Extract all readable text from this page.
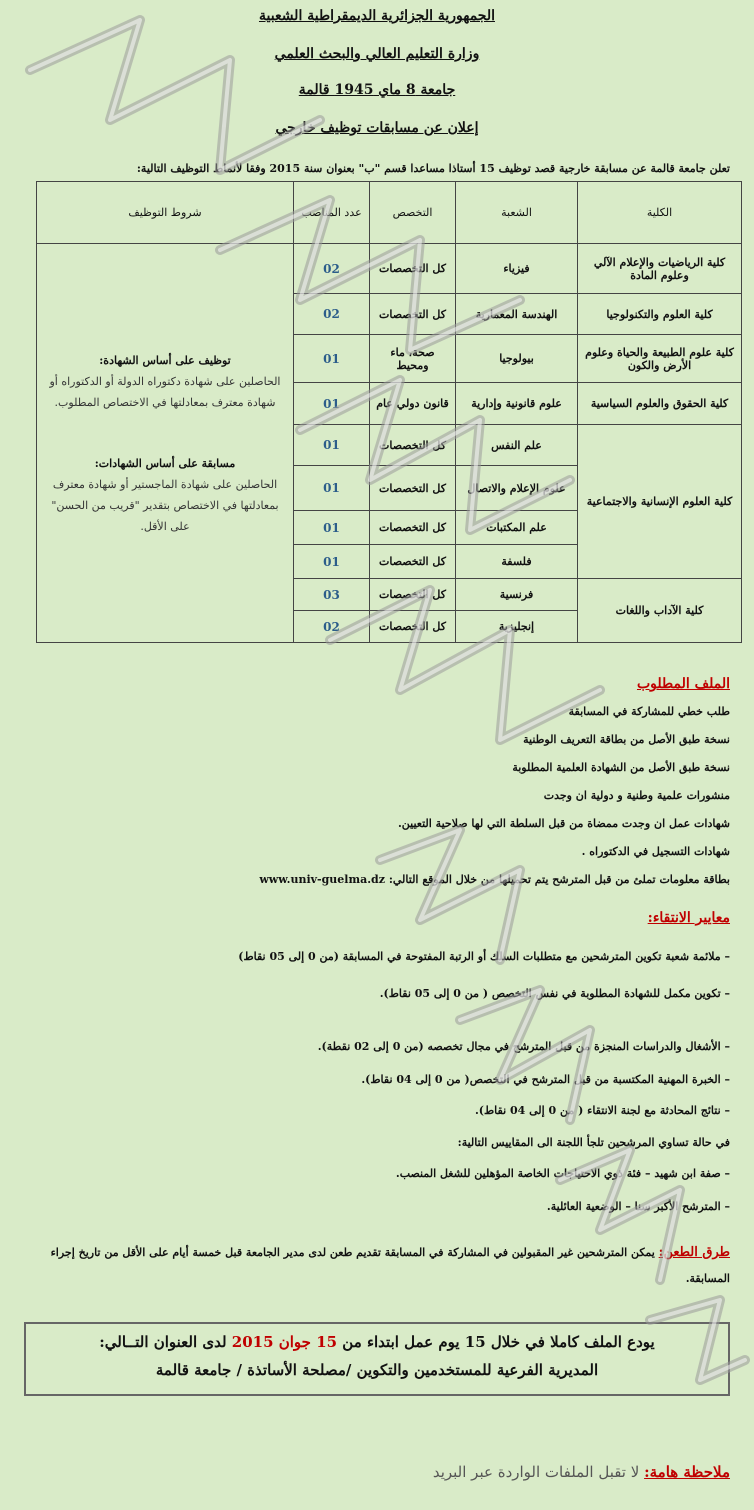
الجمهورية الجزائرية الديمقراطية الشعبية
وزارة التعليم العالي والبحث العلمي
جامعة 8 ماي 1945 قالمة
إعلان عن مسابقات توظيف خارجي
تعلن جامعة قالمة عن مسابقة خارجية قصد توظيف 15 أستاذا مساعدا قسم "ب" بعنوان سنة 2015 وفقا لأنماط التوظيف التالية:
الكلية	الشعبة	التخصص	عدد المناصب	شروط التوظيف
كلية الرياضيات والإعلام الآلي وعلوم المادة	فيزياء	كل التخصصات	02	توظيف على أساس الشهادة:
الحاصلين على شهادة دكتوراه الدولة أو الدكتوراه أو شهادة معترف بمعادلتها في الاختصاص المطلوب.
مسابقة على أساس الشهادات:
الحاصلين على شهادة الماجستير أو شهادة معترف بمعادلتها في الاختصاص بتقدير "قريب من الحسن" على الأقل.

كلية العلوم والتكنولوجيا	الهندسة المعمارية	كل التخصصات	02	
كلية علوم الطبيعة والحياة وعلوم الأرض والكون	بيولوجيا	صحة، ماء ومحيط	01	
كلية الحقوق والعلوم السياسية	علوم قانونية وإدارية	قانون دولي عام	01	
كلية العلوم الإنسانية والاجتماعية	علم النفس	كل التخصصات	01	
	علوم الإعلام والاتصال	كل التخصصات	01	
	علم المكتبات	كل التخصصات	01	
	فلسفة	كل التخصصات	01	
كلية الآداب واللغات	فرنسية	كل التخصصات	03	
	إنجليزية	كل التخصصات	02	
الملف المطلوب
طلب خطي للمشاركة في المسابقة
نسخة طبق الأصل من بطاقة التعريف الوطنية
نسخة طبق الأصل من الشهادة العلمية المطلوبة
منشورات علمية وطنية و دولية ان وجدت
شهادات عمل ان وجدت ممضاة من قبل السلطة التي لها صلاحية التعيين.
شهادات التسجيل في الدكتوراه .
بطاقة معلومات تملئ من قبل المترشح يتم تحميلها من خلال الموقع التالي: www.univ-guelma.dz
معايير الانتقاء:
– ملائمة شعبة تكوين المترشحين مع متطلبات السلك أو الرتبة المفتوحة في المسابقة (من 0 إلى 05 نقاط)
– تكوين مكمل للشهادة المطلوبة في نفس التخصص ( من 0 إلى 05 نقاط).
– الأشغال والدراسات المنجزة من قبل المترشح في مجال تخصصه (من 0 إلى 02 نقطة).
– الخبرة المهنية المكتسبة من قبل المترشح في التخصص( من 0 إلى 04 نقاط).
– نتائج المحادثة مع لجنة الانتقاء ( من 0 إلى 04 نقاط).
في حالة تساوي المرشحين تلجأ اللجنة الى المقاييس التالية:
– صفة ابن شهيد – فئة ذوي الاحتياجات الخاصة المؤهلين للشغل المنصب.
– المترشح الأكبر سنا – الوضعية العائلية.
طرق الطعن: يمكن المترشحين غير المقبولين في المشاركة في المسابقة تقديم طعن لدى مدير الجامعة قبل خمسة أيام على الأقل من تاريخ إجراء المسابقة.
يودع الملف كاملا في خلال 15 يوم عمل ابتداء من 15 جوان 2015 لدى العنوان التــالي:
المديرية الفرعية للمستخدمين والتكوين /مصلحة الأساتذة / جامعة قالمة
ملاحظة هامة: لا تقبل الملفات الواردة عبر البريد
